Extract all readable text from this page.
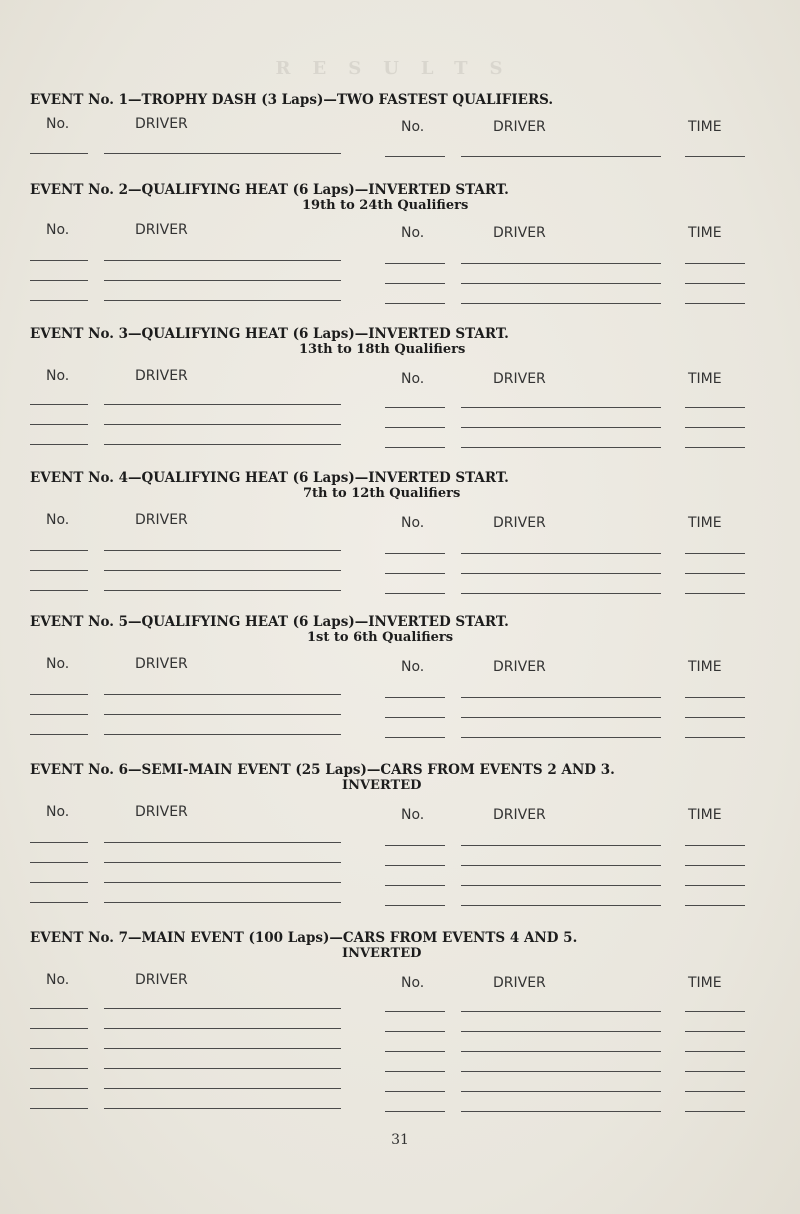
RESULTS
EVENT No. 1—TROPHY DASH (3 Laps)—TWO FASTEST QUALIFIERS.
No.	DRIVER	No.	DRIVER	TIME
EVENT No. 2—QUALIFYING HEAT (6 Laps)—INVERTED START.
19th to 24th Qualifiers
No.	DRIVER	No.	DRIVER	TIME
EVENT No. 3—QUALIFYING HEAT (6 Laps)—INVERTED START.
13th to 18th Qualifiers
No.	DRIVER	No.	DRIVER	TIME
EVENT No. 4—QUALIFYING HEAT (6 Laps)—INVERTED START.
7th to 12th Qualifiers
No.	DRIVER	No.	DRIVER	TIME
EVENT No. 5—QUALIFYING HEAT (6 Laps)—INVERTED START.
1st to 6th Qualifiers
No.	DRIVER	No.	DRIVER	TIME
EVENT No. 6—SEMI-MAIN EVENT (25 Laps)—CARS FROM EVENTS 2 AND 3.
INVERTED
No.	DRIVER	No.	DRIVER	TIME
EVENT No. 7—MAIN EVENT (100 Laps)—CARS FROM EVENTS 4 AND 5.
INVERTED
No.	DRIVER	No.	DRIVER	TIME
31
